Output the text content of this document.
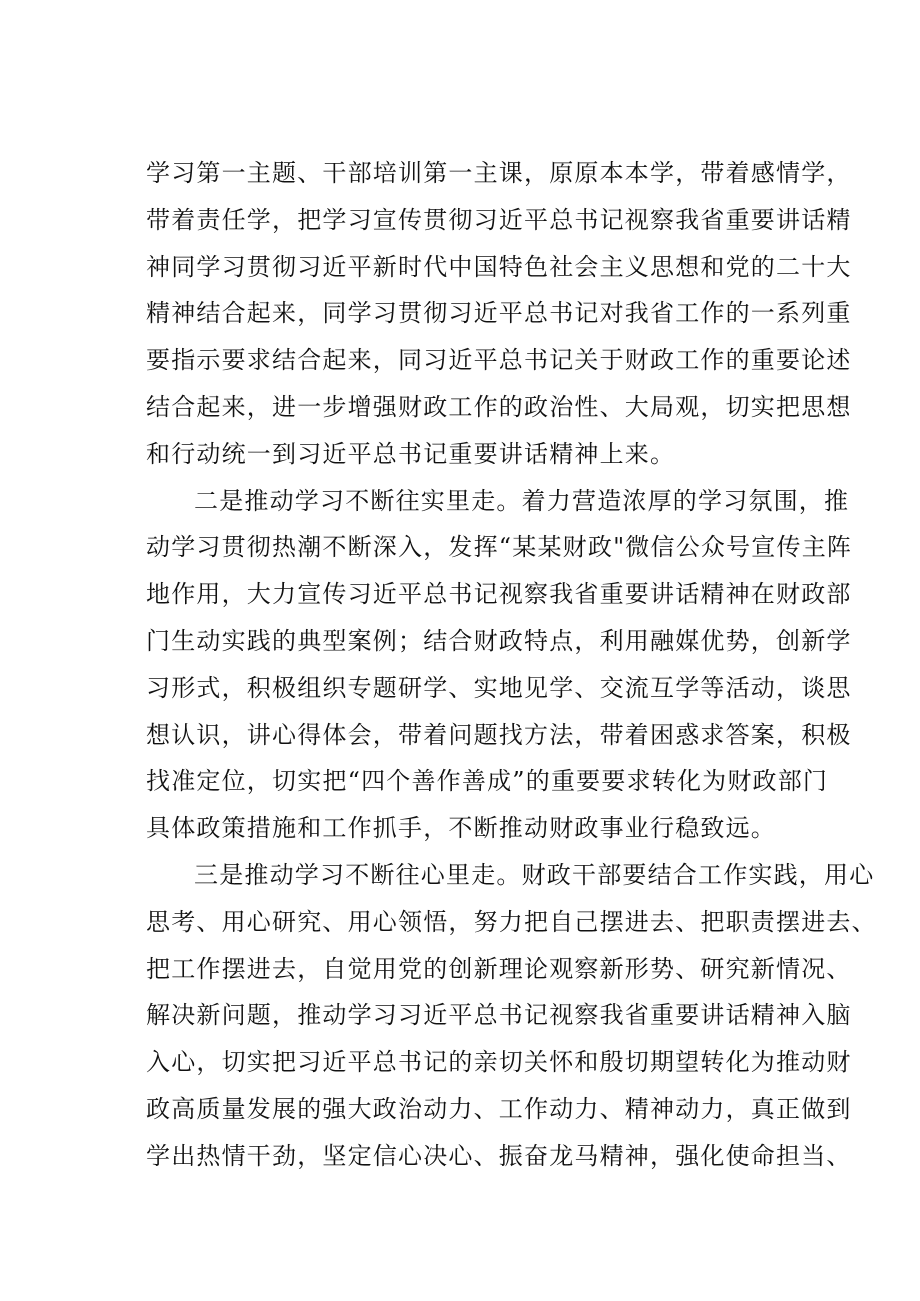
学习第一主题、干部培训第一主课，原原本本学，带着感情学，
带着责任学，把学习宣传贯彻习近平总书记视察我省重要讲话精
神同学习贯彻习近平新时代中国特色社会主义思想和党的二十大
精神结合起来，同学习贯彻习近平总书记对我省工作的一系列重
要指示要求结合起来，同习近平总书记关于财政工作的重要论述
结合起来，进一步增强财政工作的政治性、大局观，切实把思想
和行动统一到习近平总书记重要讲话精神上来。
二是推动学习不断往实里走。着力营造浓厚的学习氛围，推
动学习贯彻热潮不断深入，发挥“某某财政"微信公众号宣传主阵
地作用，大力宣传习近平总书记视察我省重要讲话精神在财政部
门生动实践的典型案例；结合财政特点，利用融媒优势，创新学
习形式，积极组织专题研学、实地见学、交流互学等活动，谈思
想认识，讲心得体会，带着问题找方法，带着困惑求答案，积极
找准定位，切实把“四个善作善成”的重要要求转化为财政部门
具体政策措施和工作抓手，不断推动财政事业行稳致远。
三是推动学习不断往心里走。财政干部要结合工作实践，用心
思考、用心研究、用心领悟，努力把自己摆进去、把职责摆进去、
把工作摆进去，自觉用党的创新理论观察新形势、研究新情况、
解决新问题，推动学习习近平总书记视察我省重要讲话精神入脑
入心，切实把习近平总书记的亲切关怀和殷切期望转化为推动财
政高质量发展的强大政治动力、工作动力、精神动力，真正做到
学出热情干劲，坚定信心决心、振奋龙马精神，强化使命担当、
